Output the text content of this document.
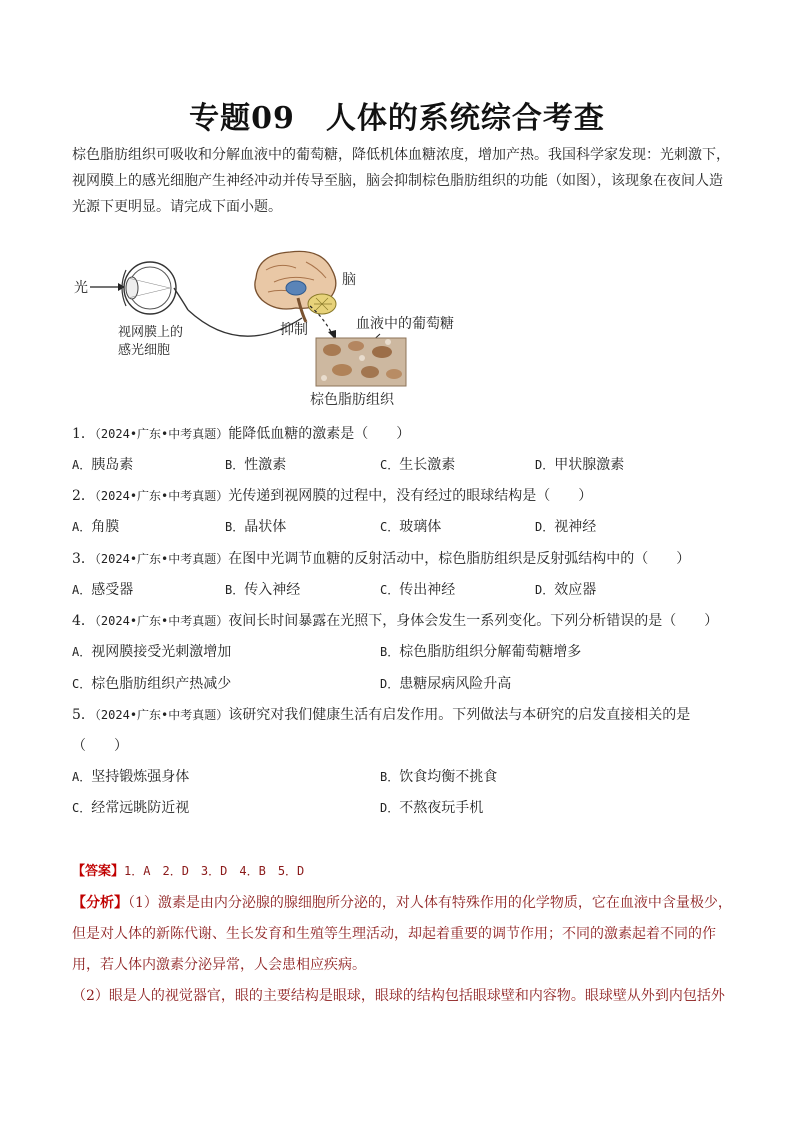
专题09　人体的系统综合考查
棕色脂肪组织可吸收和分解血液中的葡萄糖，降低机体血糖浓度，增加产热。我国科学家发现：光刺激下，视网膜上的感光细胞产生神经冲动并传导至脑，脑会抑制棕色脂肪组织的功能（如图），该现象在夜间人造光源下更明显。请完成下面小题。
光
视网膜上的
感光细胞
脑
抑制	血液中的葡萄糖
棕色脂肪组织
1．（2024•广东•中考真题）能降低血糖的激素是（　　）
A．胰岛素	B．性激素	C．生长激素	D．甲状腺激素
2．（2024•广东•中考真题）光传递到视网膜的过程中，没有经过的眼球结构是（　　）
A．角膜	B．晶状体	C．玻璃体	D．视神经
3．（2024•广东•中考真题）在图中光调节血糖的反射活动中，棕色脂肪组织是反射弧结构中的（　　）
A．感受器	B．传入神经	C．传出神经	D．效应器
4．（2024•广东•中考真题）夜间长时间暴露在光照下，身体会发生一系列变化。下列分析错误的是（　　）
A．视网膜接受光刺激增加	B．棕色脂肪组织分解葡萄糖增多
C．棕色脂肪组织产热减少	D．患糖尿病风险升高
5．（2024•广东•中考真题）该研究对我们健康生活有启发作用。下列做法与本研究的启发直接相关的是
（　　）
A．坚持锻炼强身体	B．饮食均衡不挑食
C．经常远眺防近视	D．不熬夜玩手机
【答案】1．A　2．D　3．D　4．B　5．D

【分析】（1）激素是由内分泌腺的腺细胞所分泌的，对人体有特殊作用的化学物质，它在血液中含量极少，但是对人体的新陈代谢、生长发育和生殖等生理活动，却起着重要的调节作用；不同的激素起着不同的作用，若人体内激素分泌异常，人会患相应疾病。

（2）眼是人的视觉器官，眼的主要结构是眼球，眼球的结构包括眼球壁和内容物。眼球壁从外到内包括外
